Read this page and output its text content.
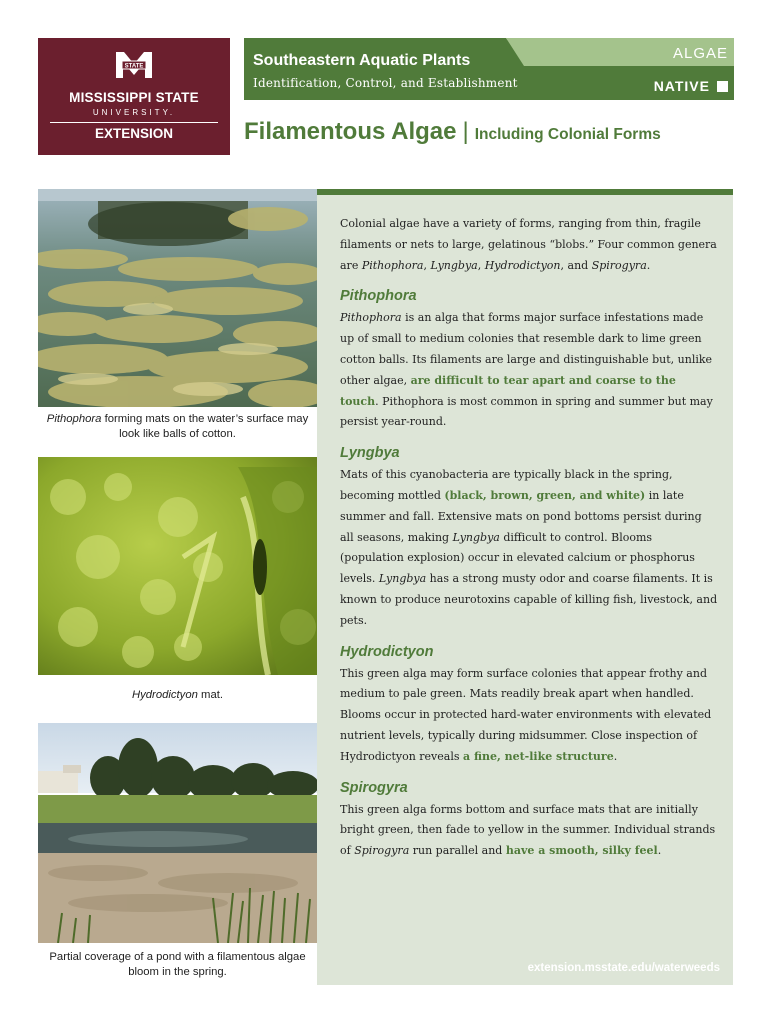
STATE
MISSISSIPPI STATE
UNIVERSITY.
EXTENSION
Southeastern Aquatic Plants
Identification, Control, and Establishment
ALGAE
NATIVE
Filamentous Algae | Including Colonial Forms

Colonial algae have a variety of forms, ranging from thin, fragile filaments or nets to large, gelatinous “blobs.” Four common genera are Pithophora, Lyngbya, Hydrodictyon, and Spirogyra.

Pithophora

Pithophora is an alga that forms major surface infestations made up of small to medium colonies that resemble dark to lime green cotton balls. Its filaments are large and distinguishable but, unlike other algae, are difficult to tear apart and coarse to the touch. Pithophora is most common in spring and summer but may persist year-round.

Lyngbya

Mats of this cyanobacteria are typically black in the spring, becoming mottled (black, brown, green, and white) in late summer and fall. Extensive mats on pond bottoms persist during all seasons, making Lyngbya difficult to control. Blooms (population explosion) occur in elevated calcium or phosphorus levels. Lyngbya has a strong musty odor and coarse filaments. It is known to produce neurotoxins capable of killing fish, livestock, and pets.

Hydrodictyon

This green alga may form surface colonies that appear frothy and medium to pale green. Mats readily break apart when handled. Blooms occur in protected hard-water environments with elevated nutrient levels, typically during midsummer. Close inspection of Hydrodictyon reveals a fine, net-like structure.

Spirogyra

This green alga forms bottom and surface mats that are initially bright green, then fade to yellow in the summer. Individual strands of Spirogyra run parallel and have a smooth, silky feel.

extension.msstate.edu/waterweeds
Pithophora forming mats on the water’s surface may look like balls of cotton.
Hydrodictyon mat.
Partial coverage of a pond with a filamentous algae bloom in the spring.
